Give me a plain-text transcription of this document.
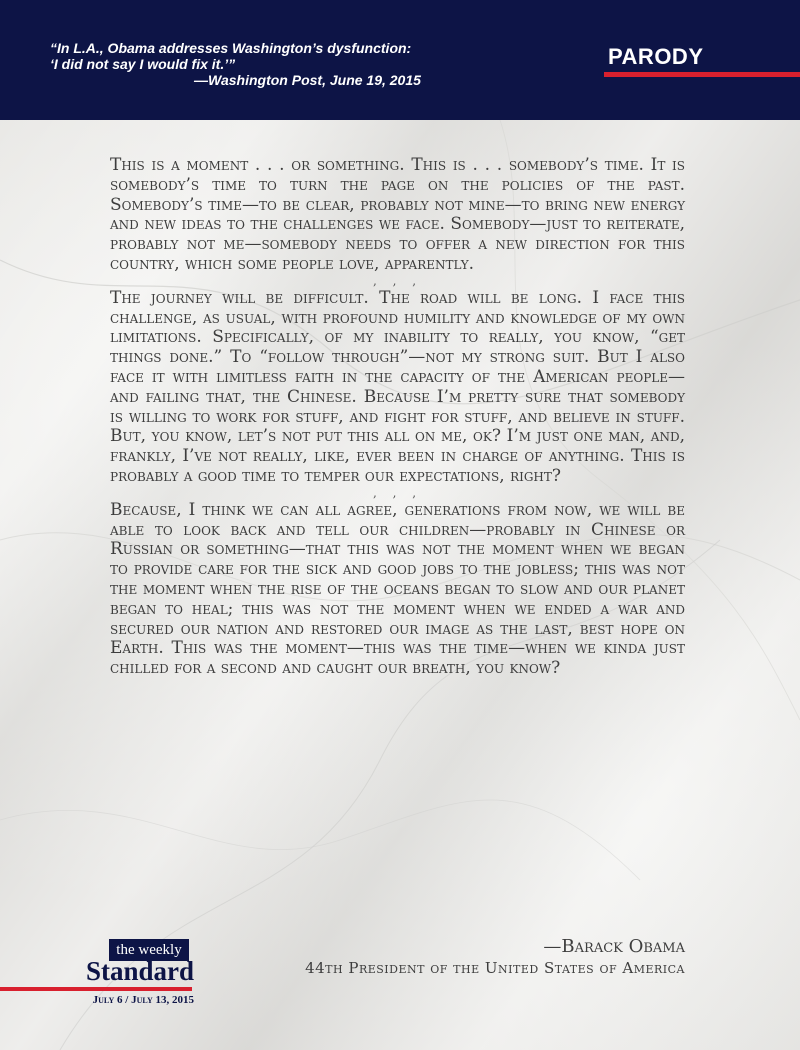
“In L.A., Obama addresses Washington’s dysfunction:
‘I did not say I would fix it.’”

—Washington Post, June 19, 2015
PARODY

This is a moment . . . or something. This is . . . somebody’s time. It is somebody’s time to turn the page on the policies of the past. Somebody’s time—to be clear, probably not mine—to bring new energy and new ideas to the challenges we face. Somebody—just to reiterate, probably not me—somebody needs to offer a new direction for this country, which some people love, apparently.

, , ,

The journey will be difficult. The road will be long. I face this challenge, as usual, with profound humility and knowledge of my own limitations. Specifically, of my inability to really, you know, “get things done.” To “follow through”—not my strong suit. But I also face it with limitless faith in the capacity of the American people—and failing that, the Chinese. Because I’m pretty sure that somebody is willing to work for stuff, and fight for stuff, and believe in stuff. But, you know, let’s not put this all on me, ok? I’m just one man, and, frankly, I’ve not really, like, ever been in charge of anything. This is probably a good time to temper our expectations, right?

, , ,

Because, I think we can all agree, generations from now, we will be able to look back and tell our children—probably in Chinese or Russian or something—that this was not the moment when we began to provide care for the sick and good jobs to the jobless; this was not the moment when the rise of the oceans began to slow and our planet began to heal; this was not the moment when we ended a war and secured our nation and restored our image as the last, best hope on Earth. This was the moment—this was the time—when we kinda just chilled for a second and caught our breath, you know?

—Barack Obama
44th President of the United States of America
the weekly
Standard
July 6 / July 13, 2015
